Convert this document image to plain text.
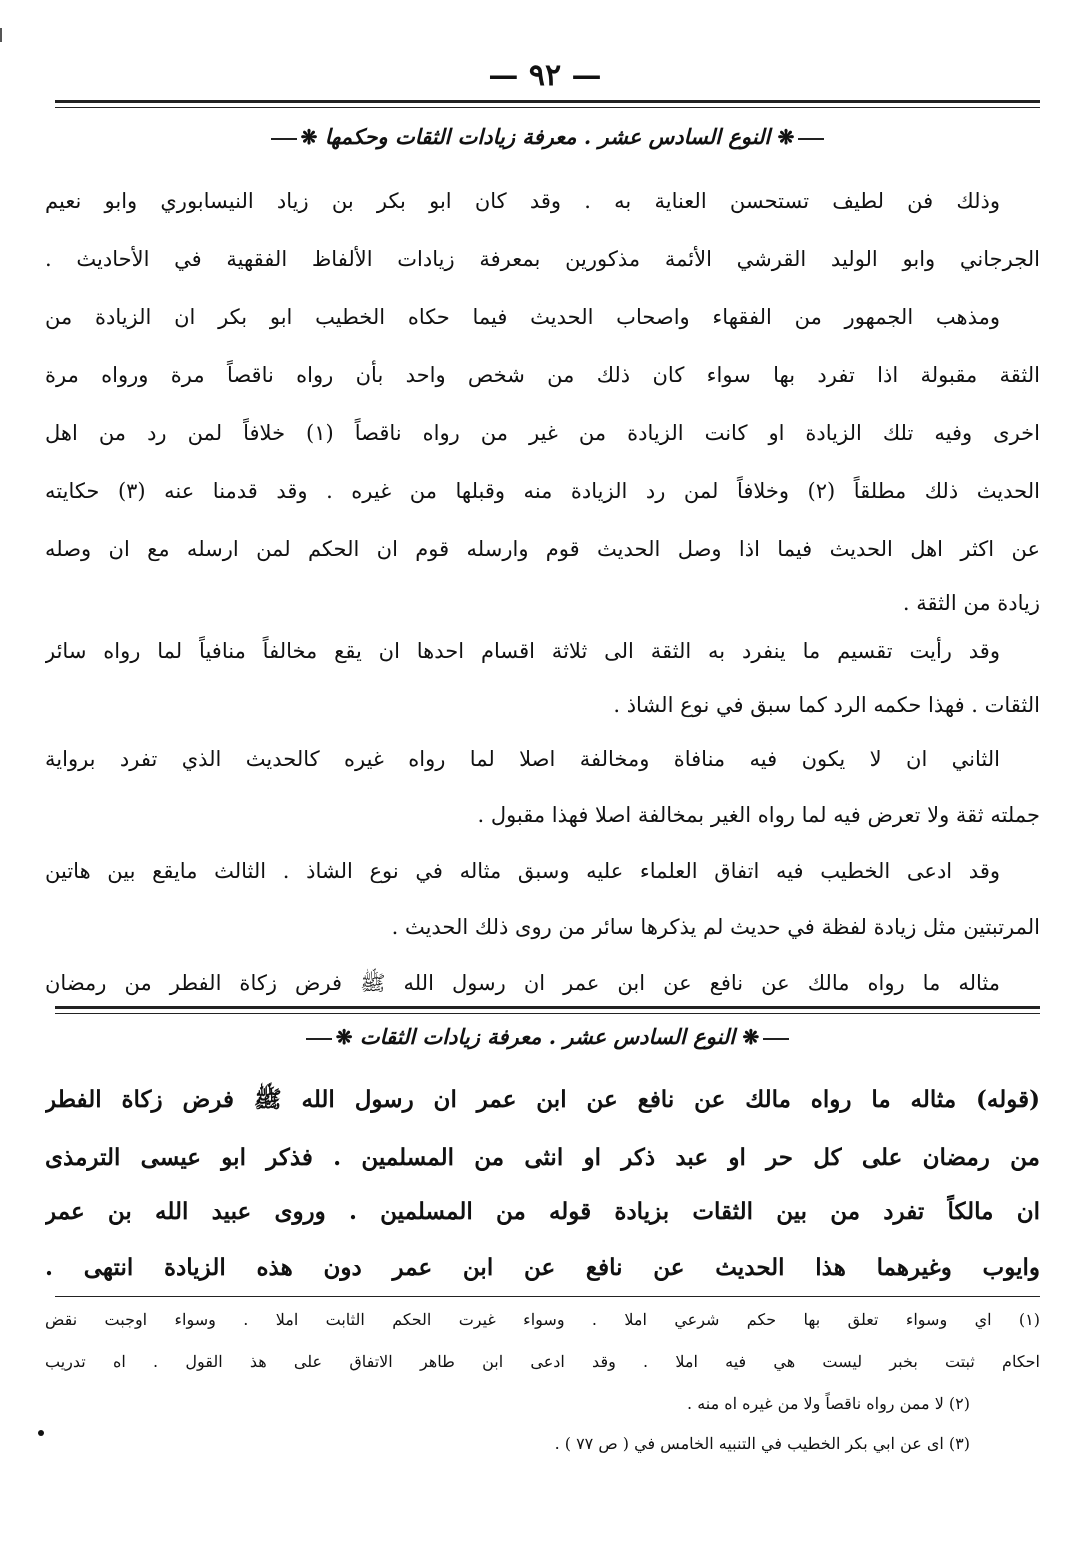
— ٩٢ —
❋ النوع السادس عشر . معرفة زيادات الثقات وحكمها ❋
وذلك فن لطيف تستحسن العناية به . وقد كان ابو بكر بن زياد النيسابوري وابو نعيم
الجرجاني وابو الوليد القرشي الأئمة مذكورين بمعرفة زيادات الألفاظ الفقهية في الأحاديث .
ومذهب الجمهور من الفقهاء واصحاب الحديث فيما حكاه الخطيب ابو بكر ان الزيادة من
الثقة مقبولة اذا تفرد بها سواء كان ذلك من شخص واحد بأن رواه ناقصاً مرة ورواه مرة
اخرى وفيه تلك الزيادة او كانت الزيادة من غير من رواه ناقصاً (١) خلافاً لمن رد من اهل
الحديث ذلك مطلقاً (٢) وخلافاً لمن رد الزيادة منه وقبلها من غيره . وقد قدمنا عنه (٣) حكايته
عن اكثر اهل الحديث فيما اذا وصل الحديث قوم وارسله قوم ان الحكم لمن ارسله مع ان وصله
زيادة من الثقة .
وقد رأيت تقسيم ما ينفرد به الثقة الى ثلاثة اقسام احدها ان يقع مخالفاً منافياً لما رواه سائر
الثقات . فهذا حكمه الرد كما سبق في نوع الشاذ .
الثاني ان لا يكون فيه منافاة ومخالفة اصلا لما رواه غيره كالحديث الذي تفرد برواية
جملته ثقة ولا تعرض فيه لما رواه الغير بمخالفة اصلا فهذا مقبول .
وقد ادعى الخطيب فيه اتفاق العلماء عليه وسبق مثاله في نوع الشاذ . الثالث مايقع بين هاتين
المرتبتين مثل زيادة لفظة في حديث لم يذكرها سائر من روى ذلك الحديث .
مثاله ما رواه مالك عن نافع عن ابن عمر ان رسول الله ﷺ فرض زكاة الفطر من رمضان
❋ النوع السادس عشر . معرفة زيادات الثقات ❋
(قوله) مثاله ما رواه مالك عن نافع عن ابن عمر ان رسول الله ﷺ فرض زكاة الفطر
من رمضان على كل حر او عبد ذكر او انثى من المسلمين . فذكر ابو عيسى الترمذى
ان مالكاً تفرد من بين الثقات بزيادة قوله من المسلمين . وروى عبيد الله بن عمر
وايوب وغيرهما هذا الحديث عن نافع عن ابن عمر دون هذه الزيادة انتهى .
(١) اي وسواء تعلق بها حكم شرعي املا . وسواء غيرت الحكم الثابت املا . وسواء اوجبت نقض
احكام ثبتت بخبر ليست هي فيه املا . وقد ادعى ابن طاهر الاتفاق على هذ القول . اه تدريب
(٢) لا ممن رواه ناقصاً ولا من غيره اه منه .
(٣) اى عن ابي بكر الخطيب في التنبيه الخامس في ( ص ٧٧ ) .
